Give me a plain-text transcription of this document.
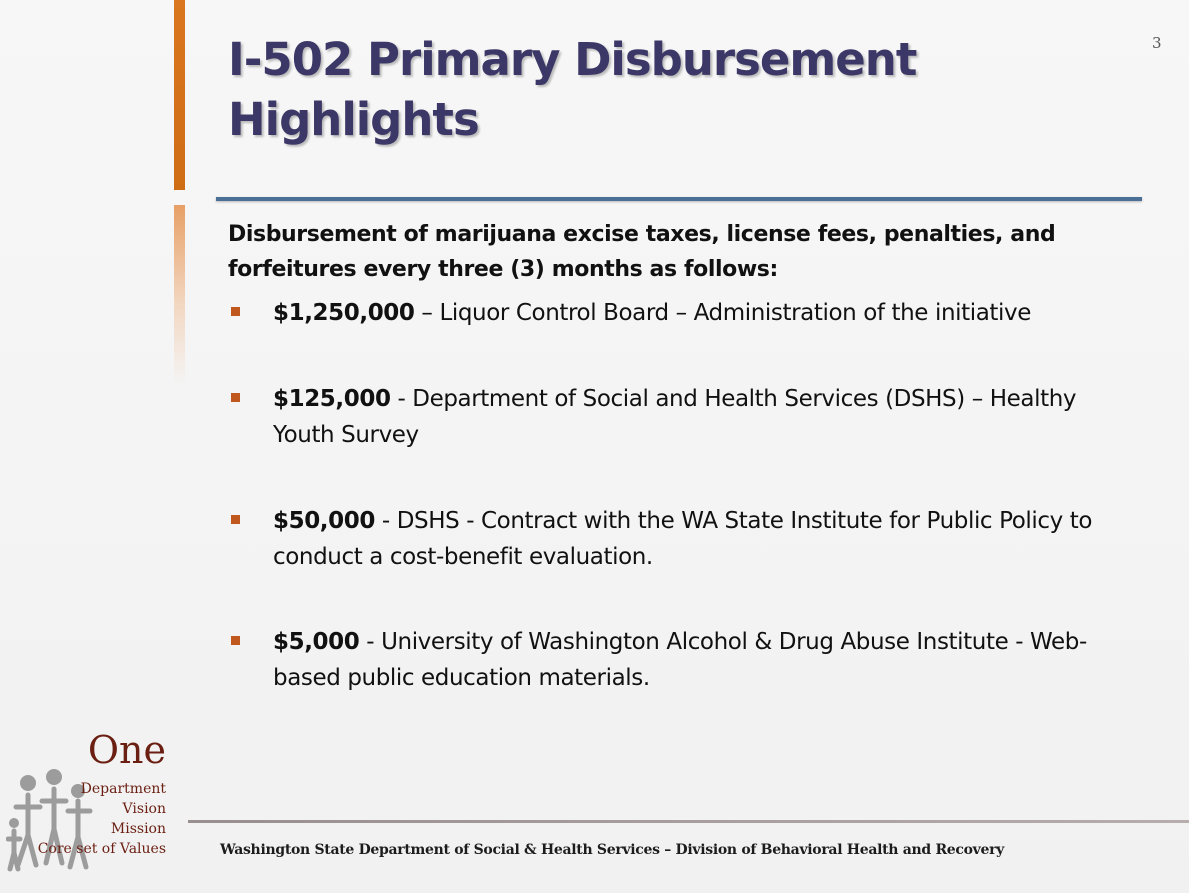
3
I-502 Primary Disbursement Highlights

Disbursement of marijuana excise taxes, license fees, penalties, and forfeitures every three (3) months as follows:

$1,250,000 – Liquor Control Board – Administration of the initiative
$125,000 - Department of Social and Health Services (DSHS) – Healthy Youth Survey
$50,000 - DSHS - Contract with the WA State Institute for Public Policy to conduct a cost-benefit evaluation.
$5,000 - University of Washington Alcohol & Drug Abuse Institute - Web-based public education materials.
One
Department
Vision
Mission
Core set of Values	Washington State Department of Social & Health Services – Division of Behavioral Health and Recovery
